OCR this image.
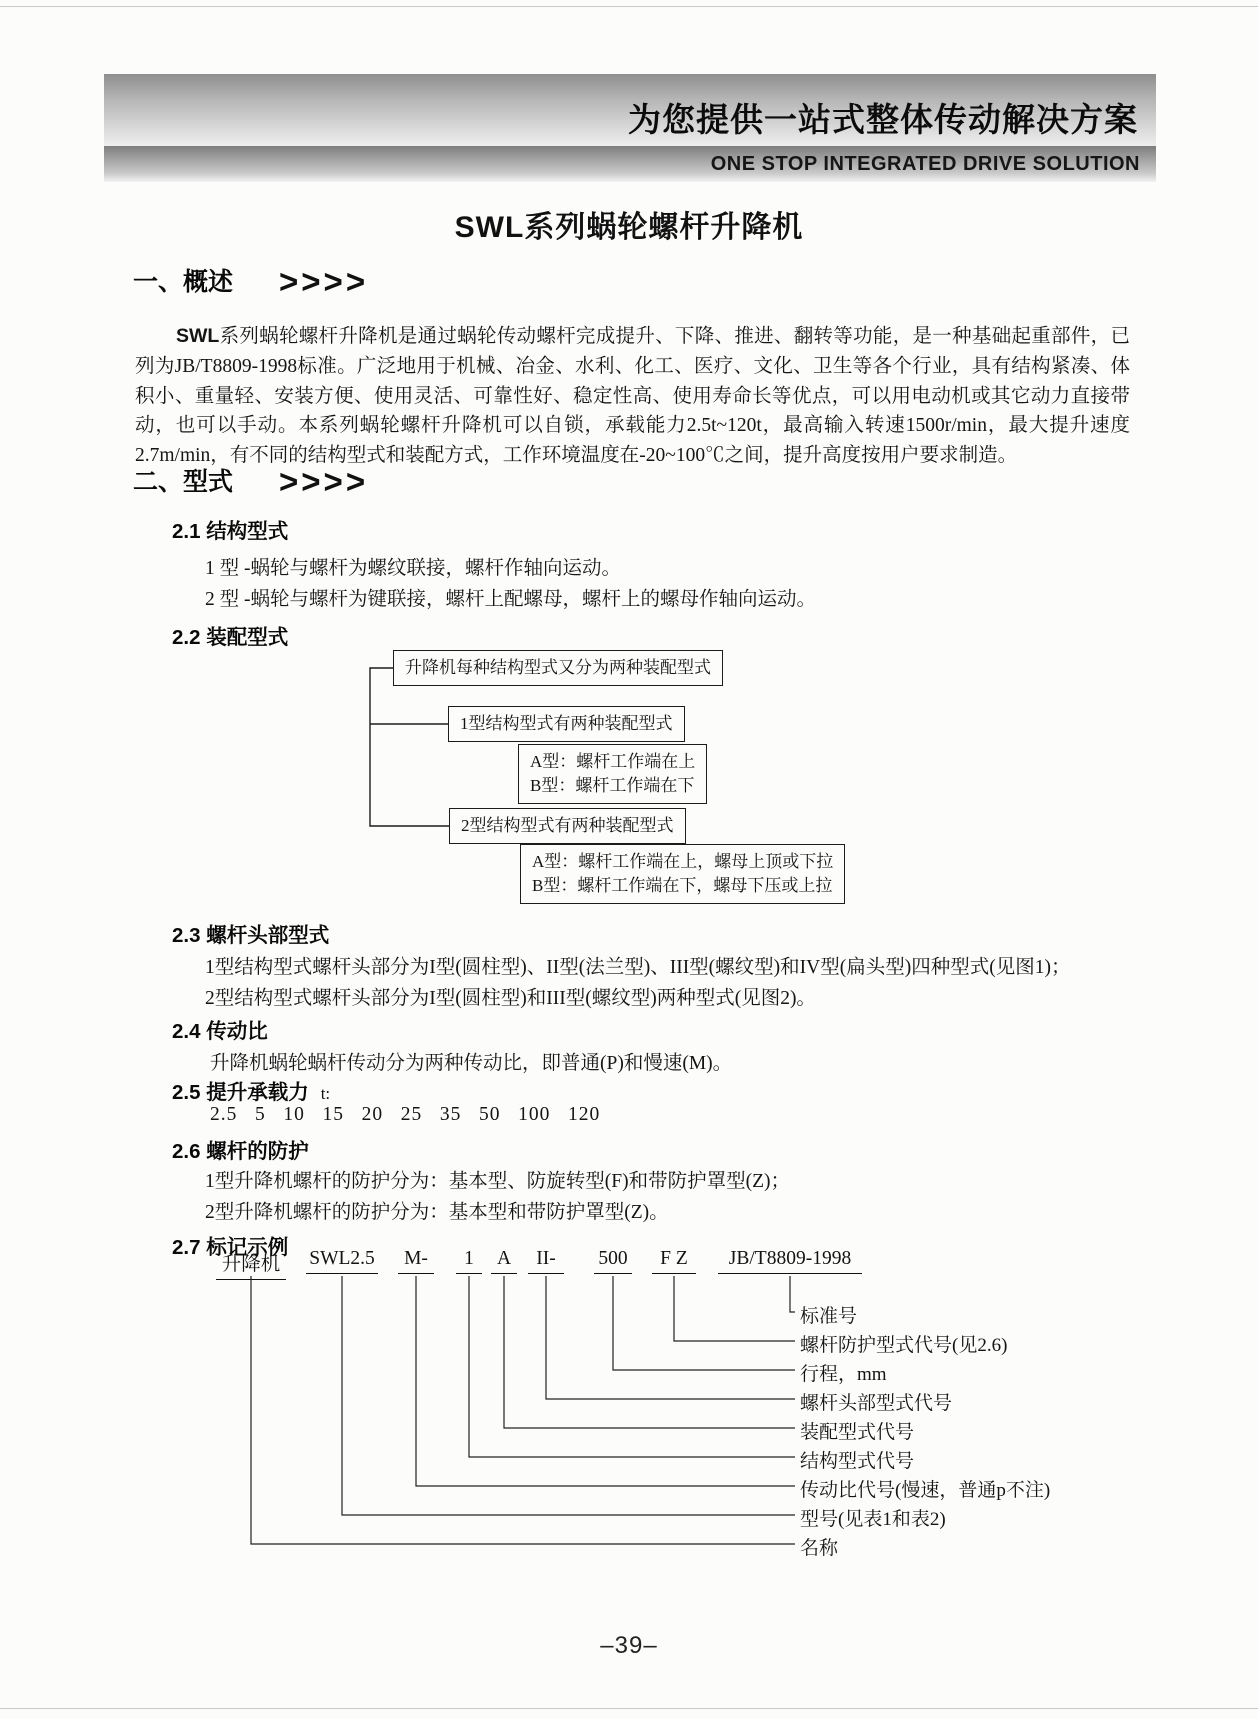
为您提供一站式整体传动解决方案
ONE STOP INTEGRATED DRIVE SOLUTION
SWL系列蜗轮螺杆升降机
一、概述 >>>>
SWL系列蜗轮螺杆升降机是通过蜗轮传动螺杆完成提升、下降、推进、翻转等功能，是一种基础起重部件，已列为JB/T8809-1998标准。广泛地用于机械、冶金、水利、化工、医疗、文化、卫生等各个行业，具有结构紧凑、体积小、重量轻、安装方便、使用灵活、可靠性好、稳定性高、使用寿命长等优点，可以用电动机或其它动力直接带动，也可以手动。本系列蜗轮螺杆升降机可以自锁，承载能力2.5t~120t，最高输入转速1500r/min，最大提升速度2.7m/min，有不同的结构型式和装配方式，工作环境温度在-20~100℃之间，提升高度按用户要求制造。
二、型式 >>>>
2.1 结构型式
1 型 -蜗轮与螺杆为螺纹联接，螺杆作轴向运动。
2 型 -蜗轮与螺杆为键联接，螺杆上配螺母，螺杆上的螺母作轴向运动。
2.2 装配型式
升降机每种结构型式又分为两种装配型式
1型结构型式有两种装配型式
A型：螺杆工作端在上
B型：螺杆工作端在下
2型结构型式有两种装配型式
A型：螺杆工作端在上，螺母上顶或下拉
B型：螺杆工作端在下，螺母下压或上拉
2.3 螺杆头部型式
1型结构型式螺杆头部分为I型(圆柱型)、II型(法兰型)、III型(螺纹型)和IV型(扁头型)四种型式(见图1)；
2型结构型式螺杆头部分为I型(圆柱型)和III型(螺纹型)两种型式(见图2)。
2.4 传动比
升降机蜗轮蜗杆传动分为两种传动比，即普通(P)和慢速(M)。
2.5 提升承载力 t:
2.5   5   10   15   20   25   35   50   100   120
2.6 螺杆的防护
1型升降机螺杆的防护分为：基本型、防旋转型(F)和带防护罩型(Z)；
2型升降机螺杆的防护分为：基本型和带防护罩型(Z)。
2.7 标记示例
升降机 SWL2.5	M-	1	A	II-	500	F Z	JB/T8809-1998
标准号
螺杆防护型式代号(见2.6)
行程，mm
螺杆头部型式代号
装配型式代号
结构型式代号
传动比代号(慢速，普通p不注)
型号(见表1和表2)
名称
–39–
